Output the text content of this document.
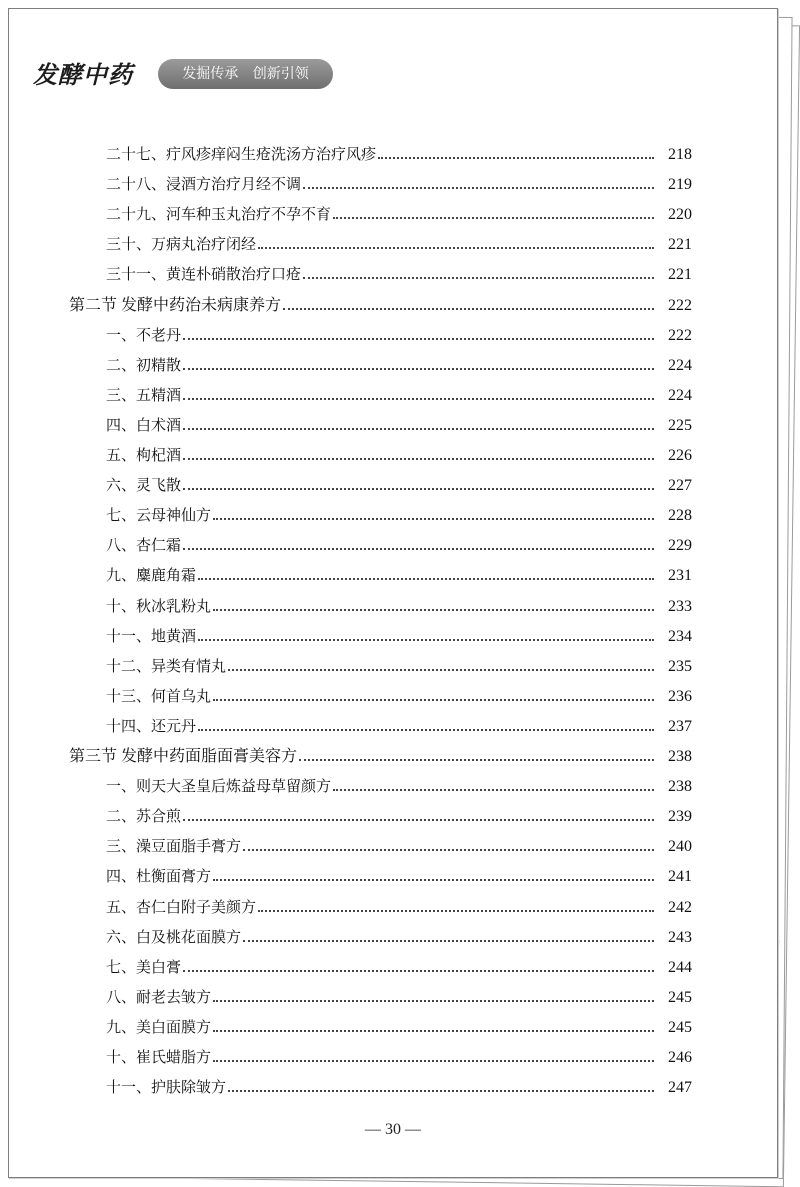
发酵中药	发掘传承 创新引领
二十七、疔风疹痒闷生疮洗汤方治疗风疹	218
二十八、浸酒方治疗月经不调	219
二十九、河车种玉丸治疗不孕不育	220
三十、万病丸治疗闭经	221
三十一、黄连朴硝散治疗口疮	221
第二节 发酵中药治未病康养方	222
一、不老丹	222
二、初精散	224
三、五精酒	224
四、白术酒	225
五、枸杞酒	226
六、灵飞散	227
七、云母神仙方	228
八、杏仁霜	229
九、麋鹿角霜	231
十、秋冰乳粉丸	233
十一、地黄酒	234
十二、异类有情丸	235
十三、何首乌丸	236
十四、还元丹	237
第三节 发酵中药面脂面膏美容方	238
一、则天大圣皇后炼益母草留颜方	238
二、苏合煎	239
三、澡豆面脂手膏方	240
四、杜衡面膏方	241
五、杏仁白附子美颜方	242
六、白及桃花面膜方	243
七、美白膏	244
八、耐老去皱方	245
九、美白面膜方	245
十、崔氏蜡脂方	246
十一、护肤除皱方	247
— 30 —
